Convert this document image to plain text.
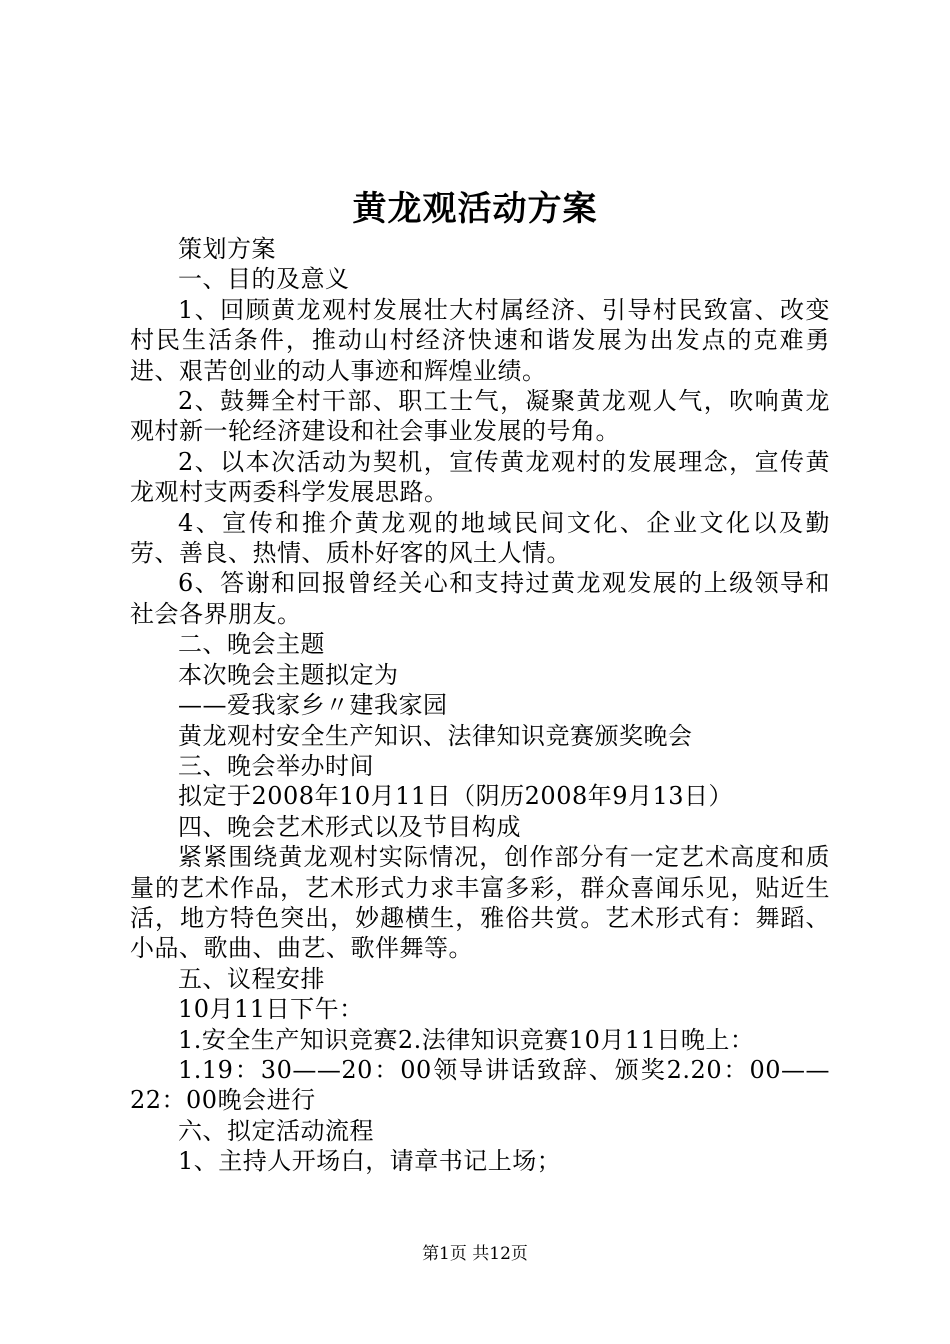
黄龙观活动方案

策划方案

一、目的及意义

1、回顾黄龙观村发展壮大村属经济、引导村民致富、改变村民生活条件，推动山村经济快速和谐发展为出发点的克难勇进、艰苦创业的动人事迹和辉煌业绩。

2、鼓舞全村干部、职工士气，凝聚黄龙观人气，吹响黄龙观村新一轮经济建设和社会事业发展的号角。

2、以本次活动为契机，宣传黄龙观村的发展理念，宣传黄龙观村支两委科学发展思路。

4、宣传和推介黄龙观的地域民间文化、企业文化以及勤劳、善良、热情、质朴好客的风土人情。

6、答谢和回报曾经关心和支持过黄龙观发展的上级领导和社会各界朋友。

二、晚会主题

本次晚会主题拟定为

——爱我家乡〃建我家园

黄龙观村安全生产知识、法律知识竞赛颁奖晚会

三、晚会举办时间

拟定于2008年10月11日（阴历2008年9月13日）

四、晚会艺术形式以及节目构成

紧紧围绕黄龙观村实际情况，创作部分有一定艺术高度和质量的艺术作品，艺术形式力求丰富多彩，群众喜闻乐见，贴近生活，地方特色突出，妙趣横生，雅俗共赏。艺术形式有：舞蹈、小品、歌曲、曲艺、歌伴舞等。

五、议程安排

10月11日下午：

1.安全生产知识竞赛2.法律知识竞赛10月11日晚上：

1.19：30——20：00领导讲话致辞、颁奖2.20：00——22：00晚会进行

六、拟定活动流程

1、主持人开场白，请章书记上场；

第1页 共12页
